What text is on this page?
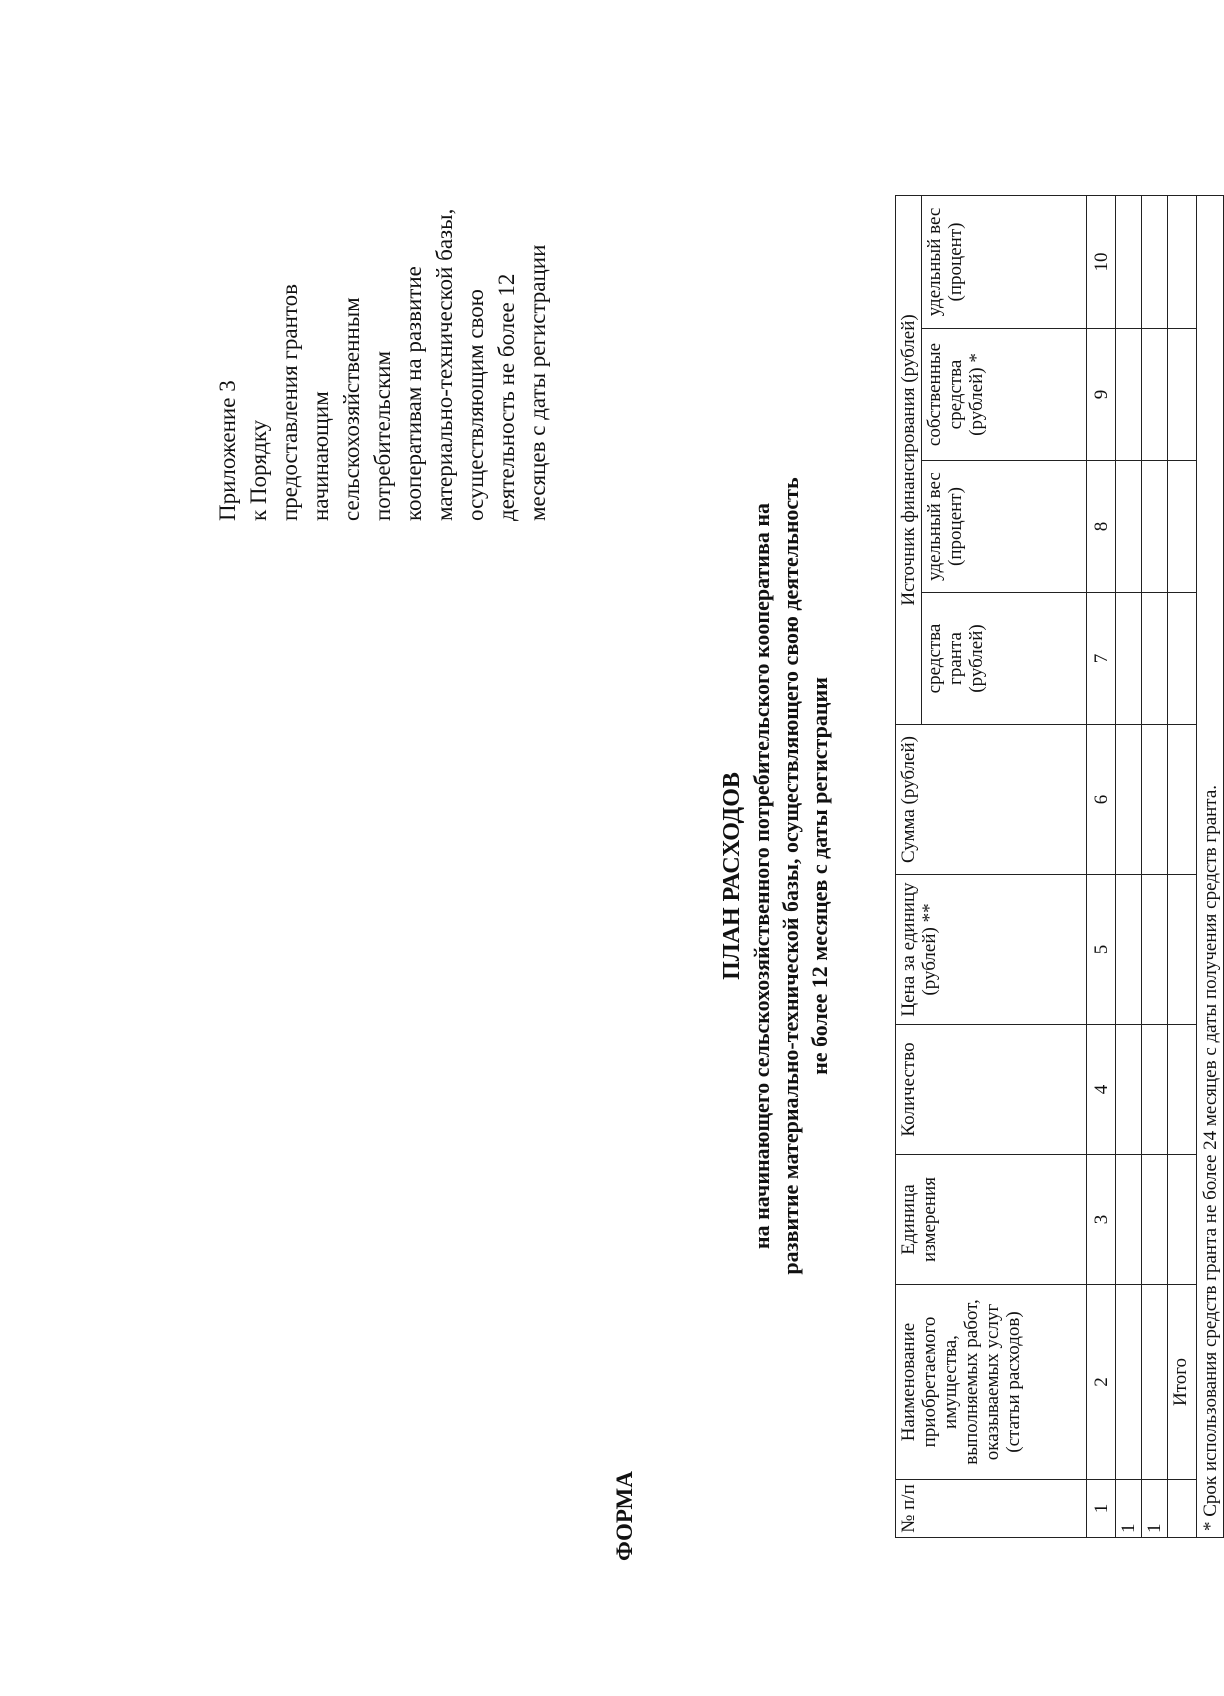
Приложение 3 к Порядку предоставления грантов начинающим сельскохозяйственным потребительским кооперативам на развитие материально-технической базы, осуществляющим свою деятельность не более 12 месяцев с даты регистрации
ФОРМА
ПЛАН РАСХОДОВ на начинающего сельскохозяйственного потребительского кооператива на развитие материально-технической базы, осуществляющего свою деятельность не более 12 месяцев с даты регистрации
№ п/п	Наименование приобретаемого имущества, выполняемых работ, оказываемых услуг (статьи расходов)	Единица измерения	Количество	Цена за единицу (рублей) **	Сумма (рублей)	Источник финансирования (рублей)			
						средства гранта (рублей)	удельный вес (процент)	собственные средства (рублей) *	удельный вес (процент)
1	2	3	4	5	6	7	8	9	10
1									
1									
	Итого								
* Срок использования средств гранта не более 24 месяцев с даты получения средств гранта.									
